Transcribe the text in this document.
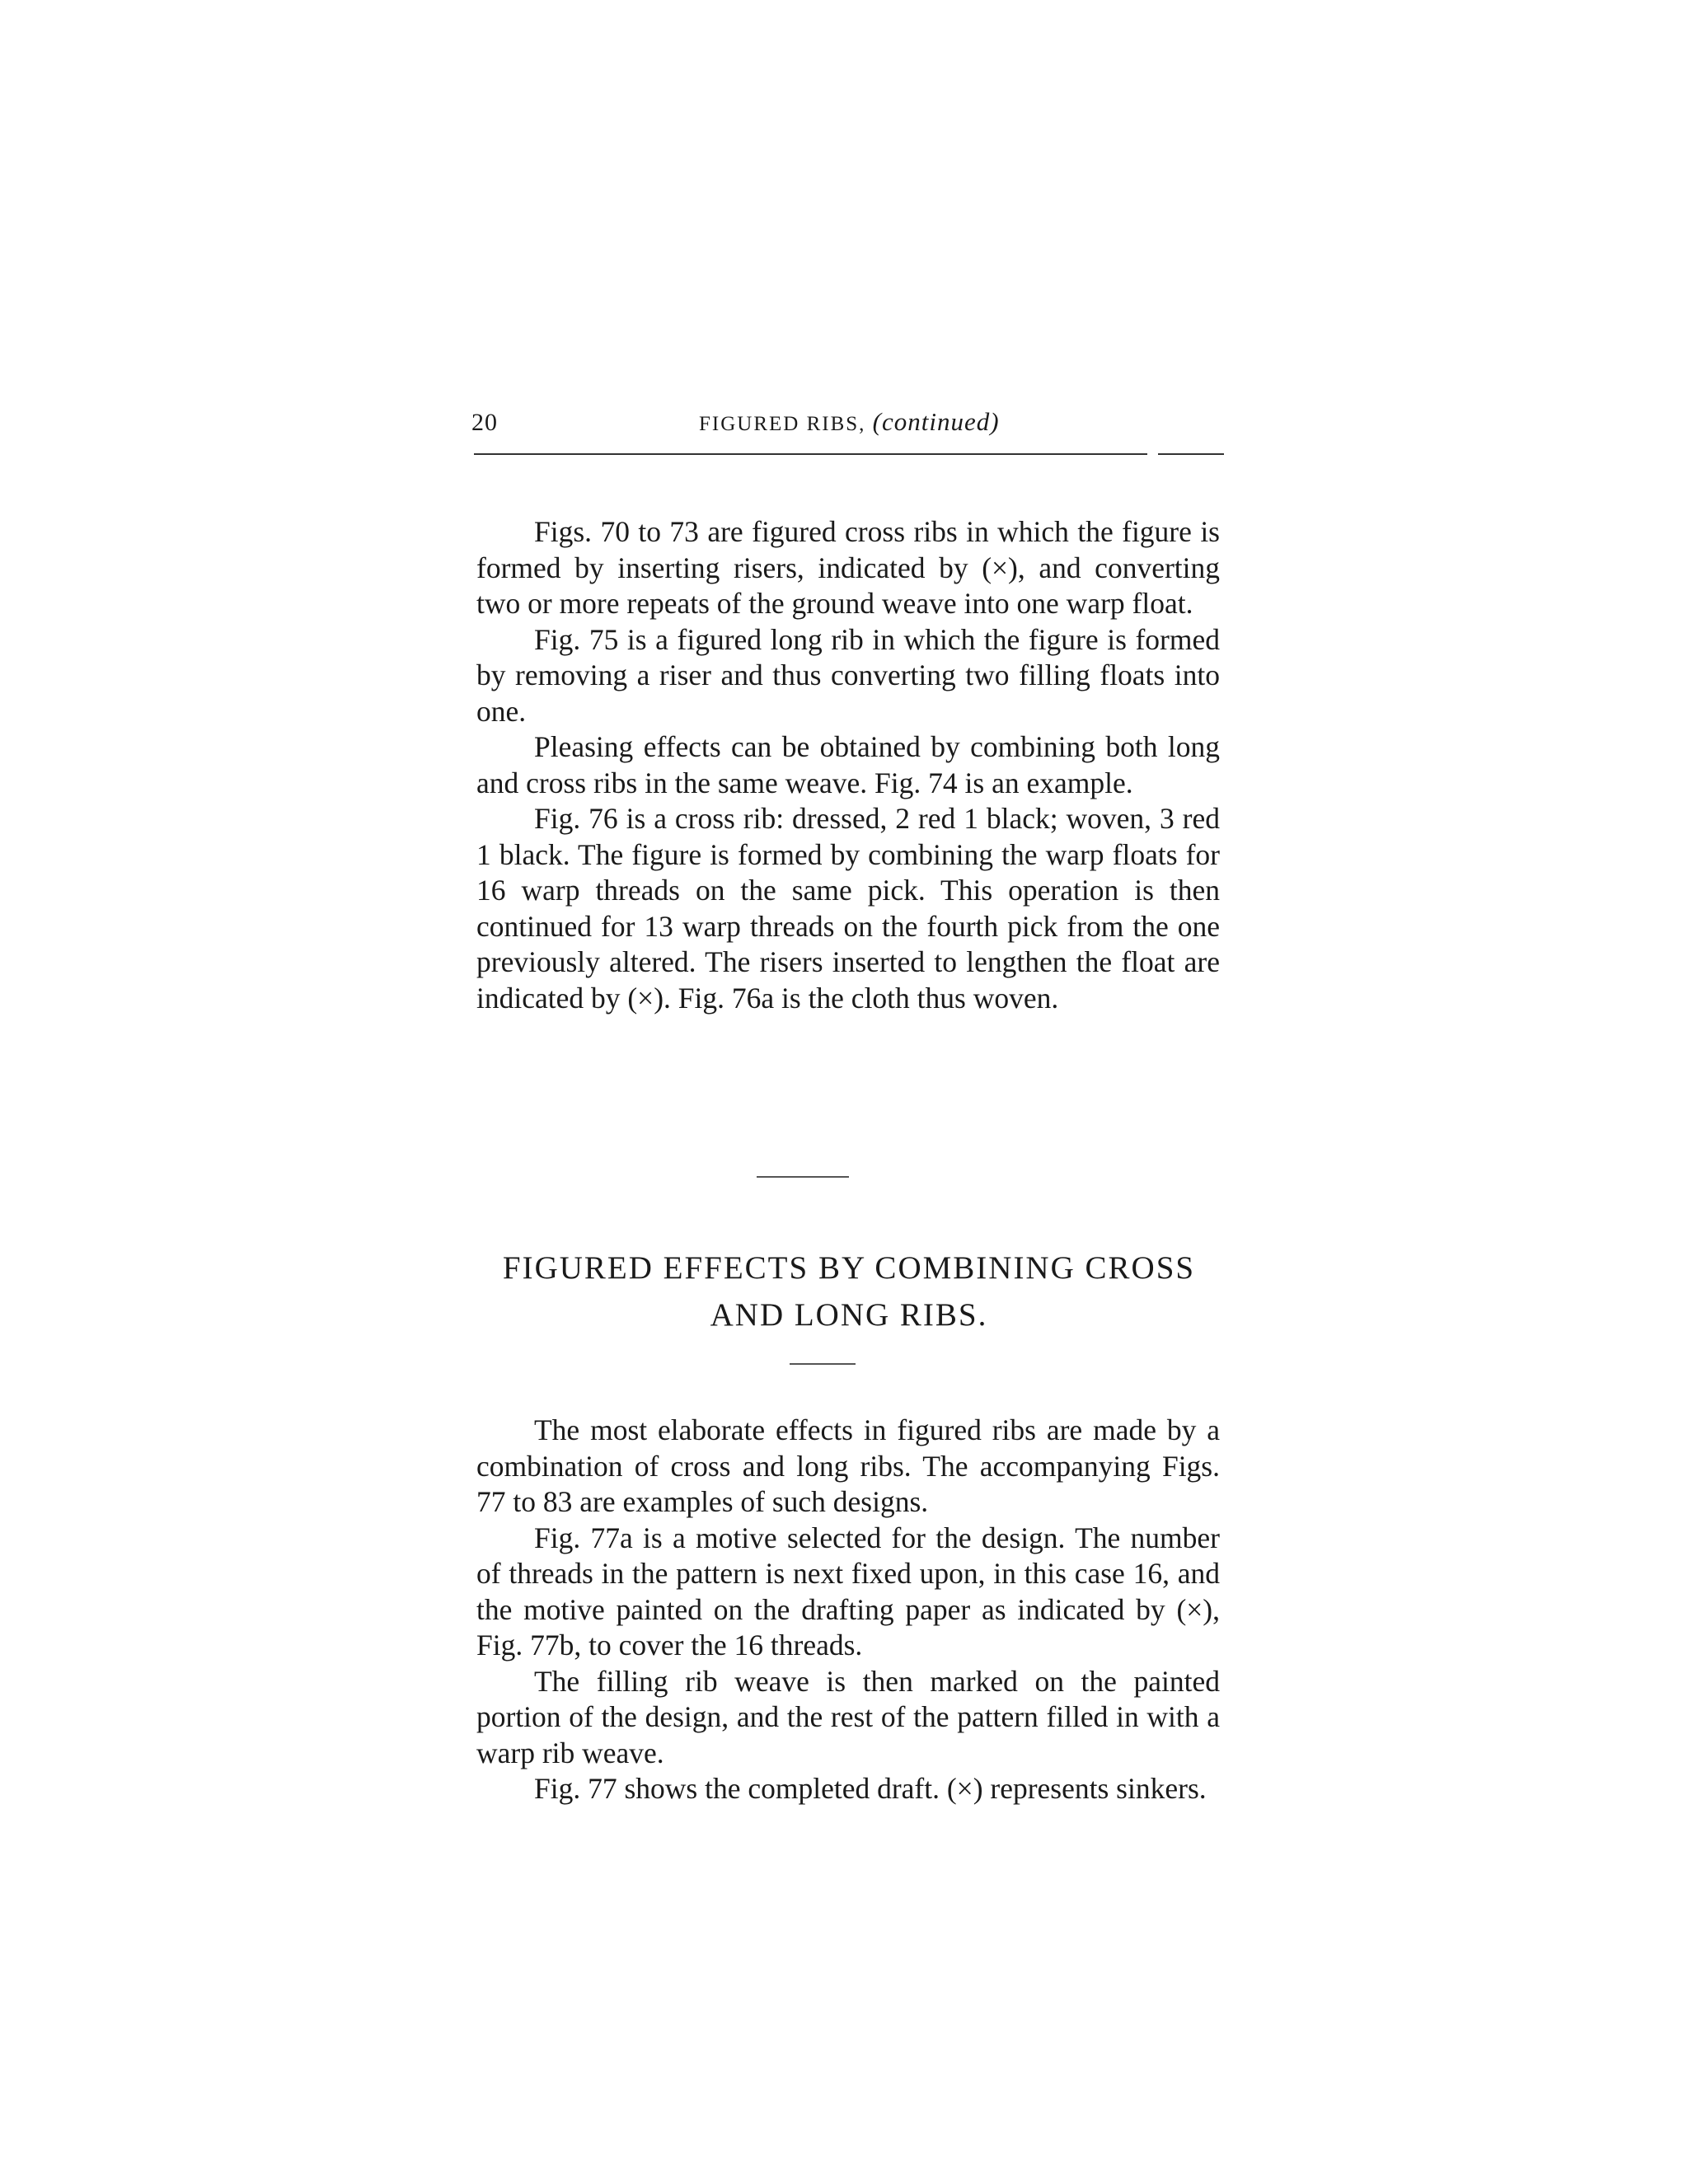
20	FIGURED RIBS, (continued)

Figs. 70 to 73 are figured cross ribs in which the figure is formed by inserting risers, indicated by (×), and converting two or more repeats of the ground weave into one warp float.

Fig. 75 is a figured long rib in which the figure is formed by removing a riser and thus converting two filling floats into one.

Pleasing effects can be obtained by combining both long and cross ribs in the same weave. Fig. 74 is an example.

Fig. 76 is a cross rib: dressed, 2 red 1 black; woven, 3 red 1 black. The figure is formed by combining the warp floats for 16 warp threads on the same pick. This operation is then continued for 13 warp threads on the fourth pick from the one previously altered. The risers inserted to lengthen the float are indicated by (×). Fig. 76a is the cloth thus woven.

FIGURED EFFECTS BY COMBINING CROSS
AND LONG RIBS.

The most elaborate effects in figured ribs are made by a combination of cross and long ribs. The accompanying Figs. 77 to 83 are examples of such designs.

Fig. 77a is a motive selected for the design. The number of threads in the pattern is next fixed upon, in this case 16, and the motive painted on the drafting paper as indicated by (×), Fig. 77b, to cover the 16 threads.

The filling rib weave is then marked on the painted portion of the design, and the rest of the pattern filled in with a warp rib weave.

Fig. 77 shows the completed draft. (×) represents sinkers.
